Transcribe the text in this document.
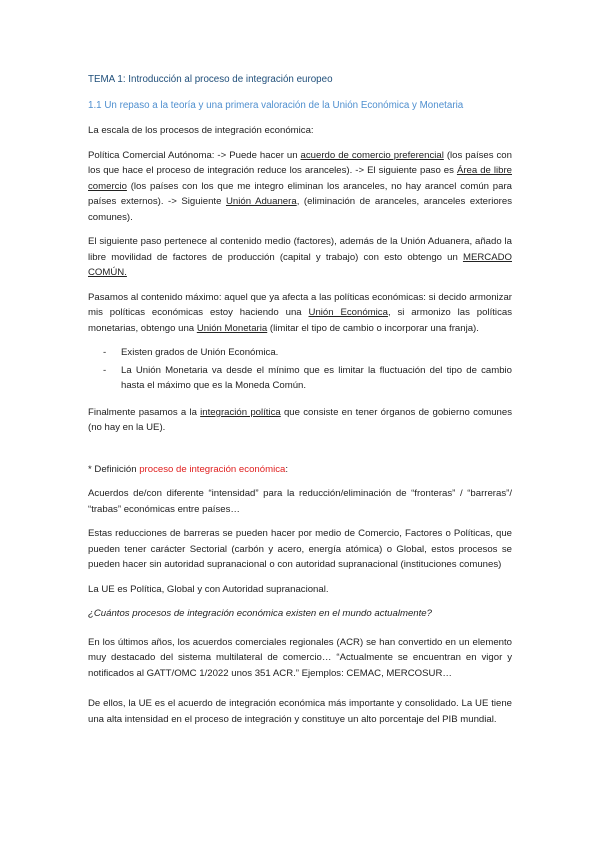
TEMA 1: Introducción al proceso de integración europeo

1.1 Un repaso a la teoría y una primera valoración de la Unión Económica y Monetaria

La escala de los procesos de integración económica:

Política Comercial Autónoma: -> Puede hacer un acuerdo de comercio preferencial (los países con los que hace el proceso de integración reduce los aranceles). -> El siguiente paso es Área de libre comercio (los países con los que me integro eliminan los aranceles, no hay arancel común para países externos). -> Siguiente Unión Aduanera, (eliminación de aranceles, aranceles exteriores comunes).

El siguiente paso pertenece al contenido medio (factores), además de la Unión Aduanera, añado la libre movilidad de factores de producción (capital y trabajo) con esto obtengo un MERCADO COMÚN.

Pasamos al contenido máximo: aquel que ya afecta a las políticas económicas: si decido armonizar mis políticas económicas estoy haciendo una Unión Económica, si armonizo las políticas monetarias, obtengo una Unión Monetaria (limitar el tipo de cambio o incorporar una franja).

- Existen grados de Unión Económica.
- La Unión Monetaria va desde el mínimo que es limitar la fluctuación del tipo de cambio hasta el máximo que es la Moneda Común.

Finalmente pasamos a la integración política que consiste en tener órganos de gobierno comunes (no hay en la UE).

* Definición proceso de integración económica:

Acuerdos de/con diferente “intensidad” para la reducción/eliminación de “fronteras” / “barreras”/ “trabas” económicas entre países…

Estas reducciones de barreras se pueden hacer por medio de Comercio, Factores o Políticas, que pueden tener carácter Sectorial (carbón y acero, energía atómica) o Global, estos procesos se pueden hacer sin autoridad supranacional o con autoridad supranacional (instituciones comunes)

La UE es Política, Global y con Autoridad supranacional.

¿Cuántos procesos de integración económica existen en el mundo actualmente?

En los últimos años, los acuerdos comerciales regionales (ACR) se han convertido en un elemento muy destacado del sistema multilateral de comercio… “Actualmente se encuentran en vigor y notificados al GATT/OMC 1/2022 unos 351 ACR.” Ejemplos: CEMAC, MERCOSUR…

De ellos, la UE es el acuerdo de integración económica más importante y consolidado. La UE tiene una alta intensidad en el proceso de integración y constituye un alto porcentaje del PIB mundial.
